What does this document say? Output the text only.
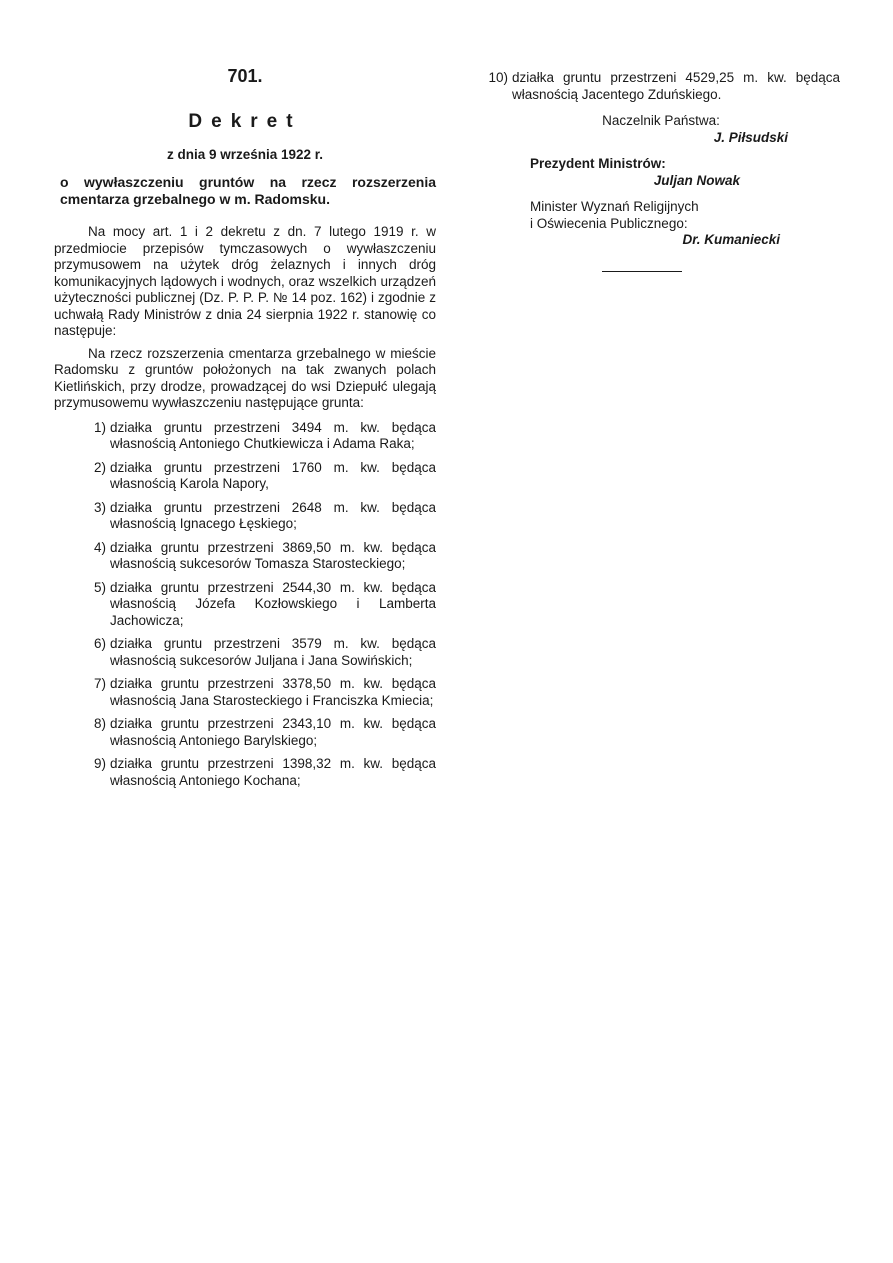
701.
Dekret
z dnia 9 września 1922 r.
o wywłaszczeniu gruntów na rzecz rozszerzenia cmentarza grzebalnego w m. Radomsku.

Na mocy art. 1 i 2 dekretu z dn. 7 lutego 1919 r. w przedmiocie przepisów tymczasowych o wywłaszczeniu przymusowem na użytek dróg żelaznych i innych dróg komunikacyjnych lądowych i wodnych, oraz wszelkich urządzeń użyteczności publicznej (Dz. P. P. P. № 14 poz. 162) i zgodnie z uchwałą Rady Ministrów z dnia 24 sierpnia 1922 r. stanowię co następuje:

Na rzecz rozszerzenia cmentarza grzebalnego w mieście Radomsku z gruntów położonych na tak zwanych polach Kietlińskich, przy drodze, prowadzącej do wsi Dziepułć ulegają przymusowemu wywłaszczeniu następujące grunta:

1) działka gruntu przestrzeni 3494 m. kw. będąca własnością Antoniego Chutkiewicza i Adama Raka;
2) działka gruntu przestrzeni 1760 m. kw. będąca własnością Karola Napory,
3) działka gruntu przestrzeni 2648 m. kw. będąca własnością Ignacego Łęskiego;
4) działka gruntu przestrzeni 3869,50 m. kw. będąca własnością sukcesorów Tomasza Starosteckiego;
5) działka gruntu przestrzeni 2544,30 m. kw. będąca własnością Józefa Kozłowskiego i Lamberta Jachowicza;
6) działka gruntu przestrzeni 3579 m. kw. będąca własnością sukcesorów Juljana i Jana Sowińskich;
7) działka gruntu przestrzeni 3378,50 m. kw. będąca własnością Jana Starosteckiego i Franciszka Kmiecia;
8) działka gruntu przestrzeni 2343,10 m. kw. będąca własnością Antoniego Barylskiego;
9) działka gruntu przestrzeni 1398,32 m. kw. będąca własnością Antoniego Kochana;
10) działka gruntu przestrzeni 4529,25 m. kw. będąca własnością Jacentego Zduńskiego.
Naczelnik Państwa:
J. Piłsudski
Prezydent Ministrów:
Juljan Nowak
Minister Wyznań Religijnych
i Oświecenia Publicznego:
Dr. Kumaniecki
